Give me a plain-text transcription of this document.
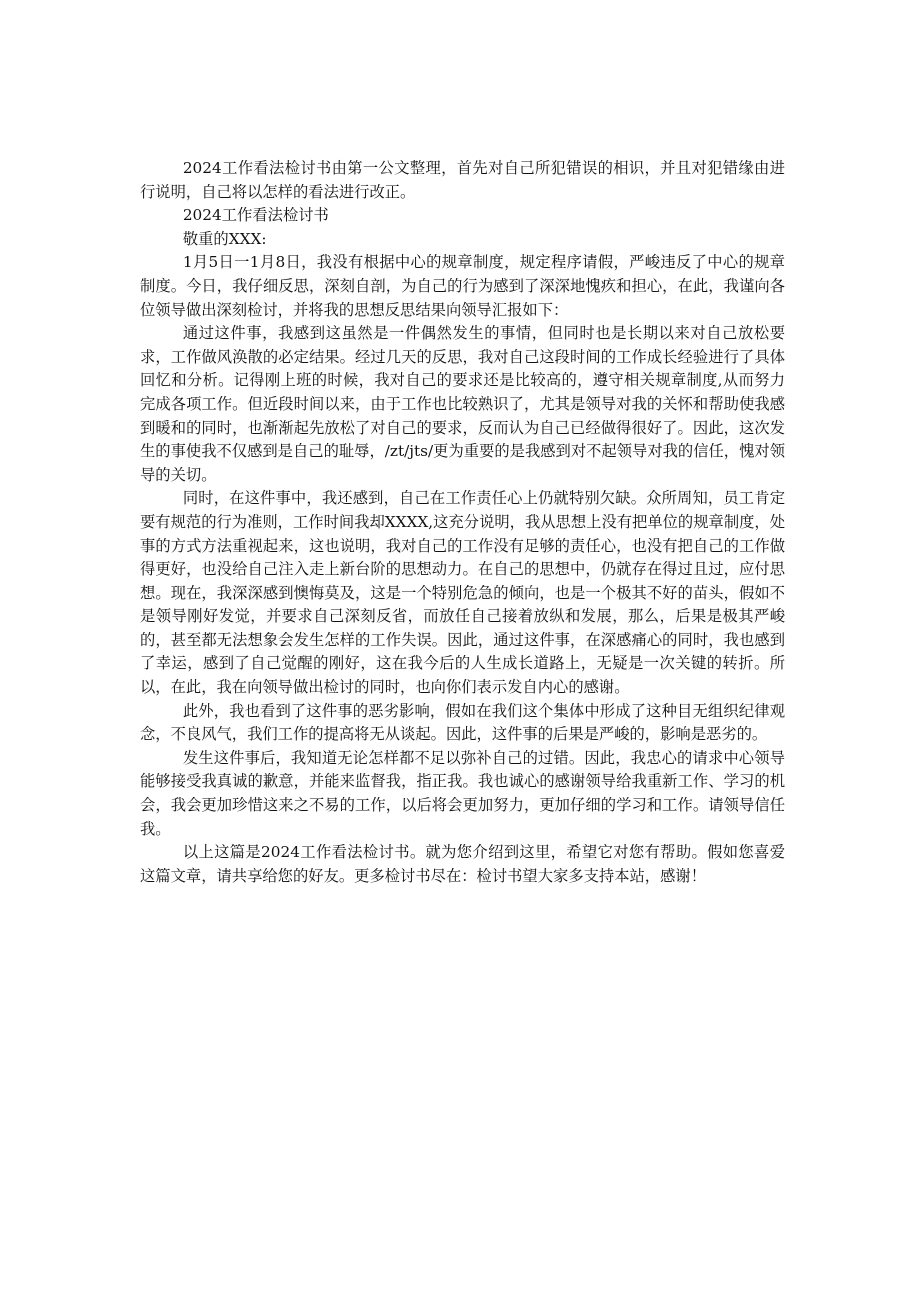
2024工作看法检讨书由第一公文整理，首先对自己所犯错误的相识，并且对犯错缘由进行说明，自己将以怎样的看法进行改正。

2024工作看法检讨书

敬重的XXX:

1月5日一1月8日，我没有根据中心的规章制度，规定程序请假，严峻违反了中心的规章制度。今日，我仔细反思，深刻自剖，为自己的行为感到了深深地愧疚和担心，在此，我谨向各位领导做出深刻检讨，并将我的思想反思结果向领导汇报如下：

通过这件事，我感到这虽然是一件偶然发生的事情，但同时也是长期以来对自己放松要求，工作做风涣散的必定结果。经过几天的反思，我对自己这段时间的工作成长经验进行了具体回忆和分析。记得刚上班的时候，我对自己的要求还是比较高的，遵守相关规章制度,从而努力完成各项工作。但近段时间以来，由于工作也比较熟识了，尤其是领导对我的关怀和帮助使我感到暖和的同时，也渐渐起先放松了对自己的要求，反而认为自己已经做得很好了。因此，这次发生的事使我不仅感到是自己的耻辱，/zt/jts/更为重要的是我感到对不起领导对我的信任，愧对领导的关切。

同时，在这件事中，我还感到，自己在工作责任心上仍就特别欠缺。众所周知，员工肯定要有规范的行为准则，工作时间我却XXXX,这充分说明，我从思想上没有把单位的规章制度，处事的方式方法重视起来，这也说明，我对自己的工作没有足够的责任心，也没有把自己的工作做得更好，也没给自己注入走上新台阶的思想动力。在自己的思想中，仍就存在得过且过，应付思想。现在，我深深感到懊悔莫及，这是一个特别危急的倾向，也是一个极其不好的苗头，假如不是领导刚好发觉，并要求自己深刻反省，而放任自己接着放纵和发展，那么，后果是极其严峻的，甚至都无法想象会发生怎样的工作失误。因此，通过这件事，在深感痛心的同时，我也感到了幸运，感到了自己觉醒的刚好，这在我今后的人生成长道路上，无疑是一次关键的转折。所以，在此，我在向领导做出检讨的同时，也向你们表示发自内心的感谢。

此外，我也看到了这件事的恶劣影响，假如在我们这个集体中形成了这种目无组织纪律观念，不良风气，我们工作的提高将无从谈起。因此，这件事的后果是严峻的，影响是恶劣的。

发生这件事后，我知道无论怎样都不足以弥补自己的过错。因此，我忠心的请求中心领导能够接受我真诚的歉意，并能来监督我，指正我。我也诚心的感谢领导给我重新工作、学习的机会，我会更加珍惜这来之不易的工作，以后将会更加努力，更加仔细的学习和工作。请领导信任我。

以上这篇是2024工作看法检讨书。就为您介绍到这里，希望它对您有帮助。假如您喜爱这篇文章，请共享给您的好友。更多检讨书尽在：检讨书望大家多支持本站，感谢！
